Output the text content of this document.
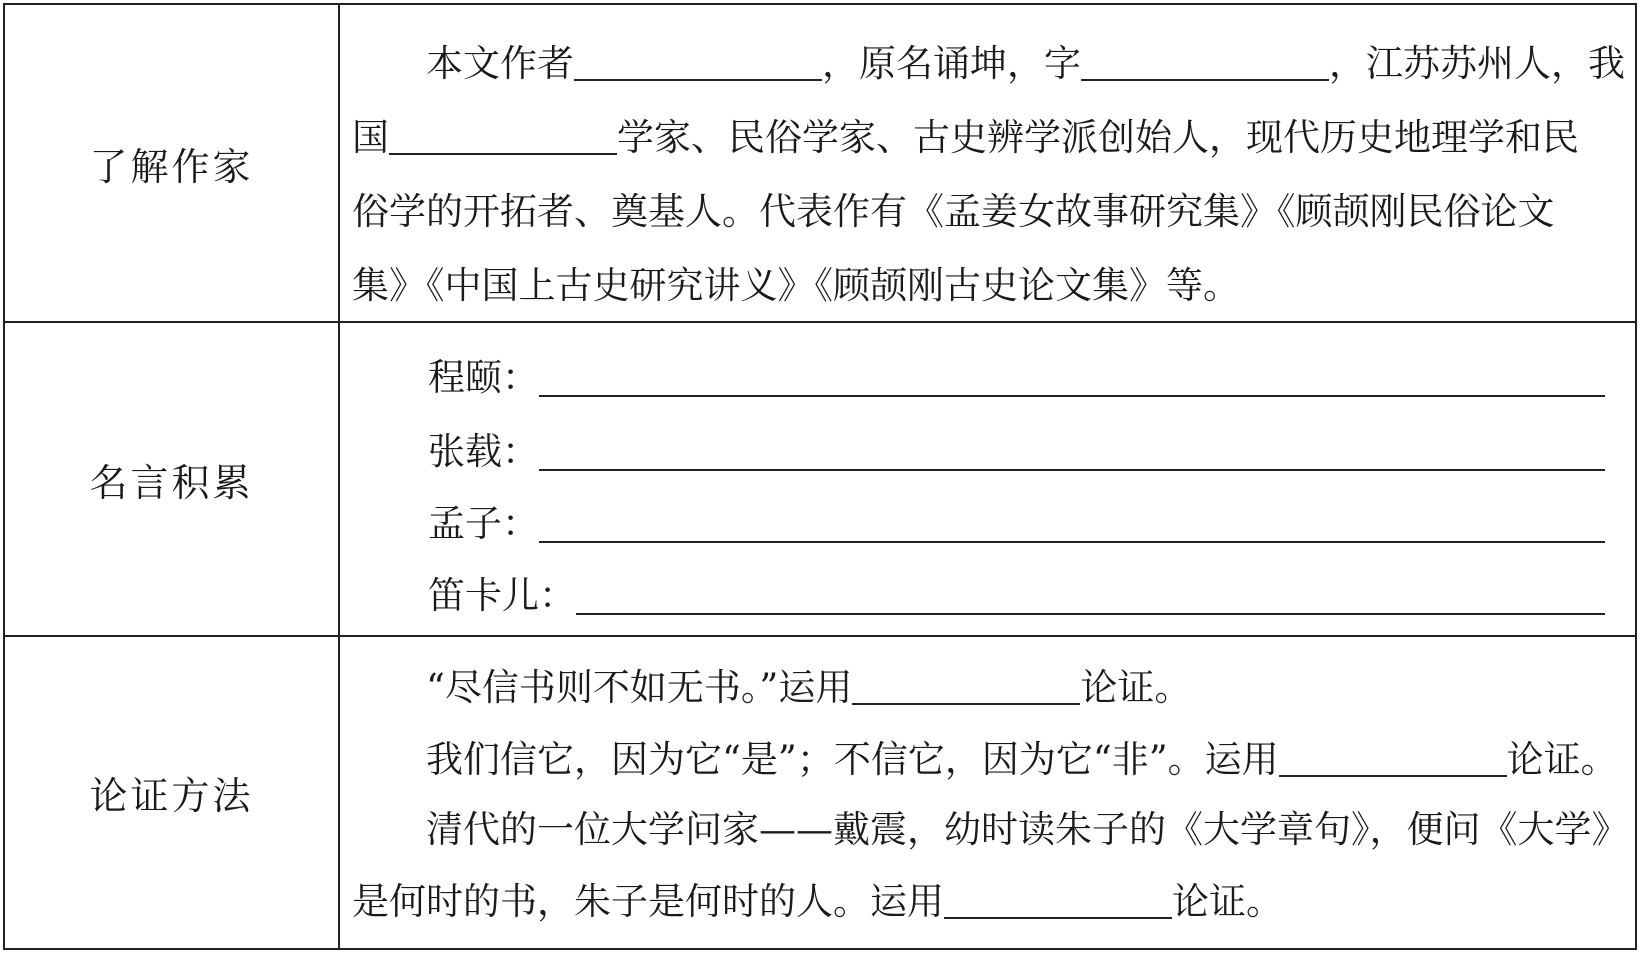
了解作家
本文作者	，原名诵坤，字	，江苏苏州人，我
国	学家、民俗学家、古史辨学派创始人，现代历史地理学和民
俗学的开拓者、奠基人。代表作有《孟姜女故事研究集》《顾颉刚民俗论文
集》《中国上古史研究讲义》《顾颉刚古史论文集》等。
名言积累
程颐：
张载：
孟子：
笛卡儿：
论证方法
“尽信书则不如无书。”运用	论证。
我们信它，因为它“是”；不信它，因为它“非”。运用	论证。
清代的一位大学问家——戴震，幼时读朱子的《大学章句》，便问《大学》
是何时的书，朱子是何时的人。运用	论证。
